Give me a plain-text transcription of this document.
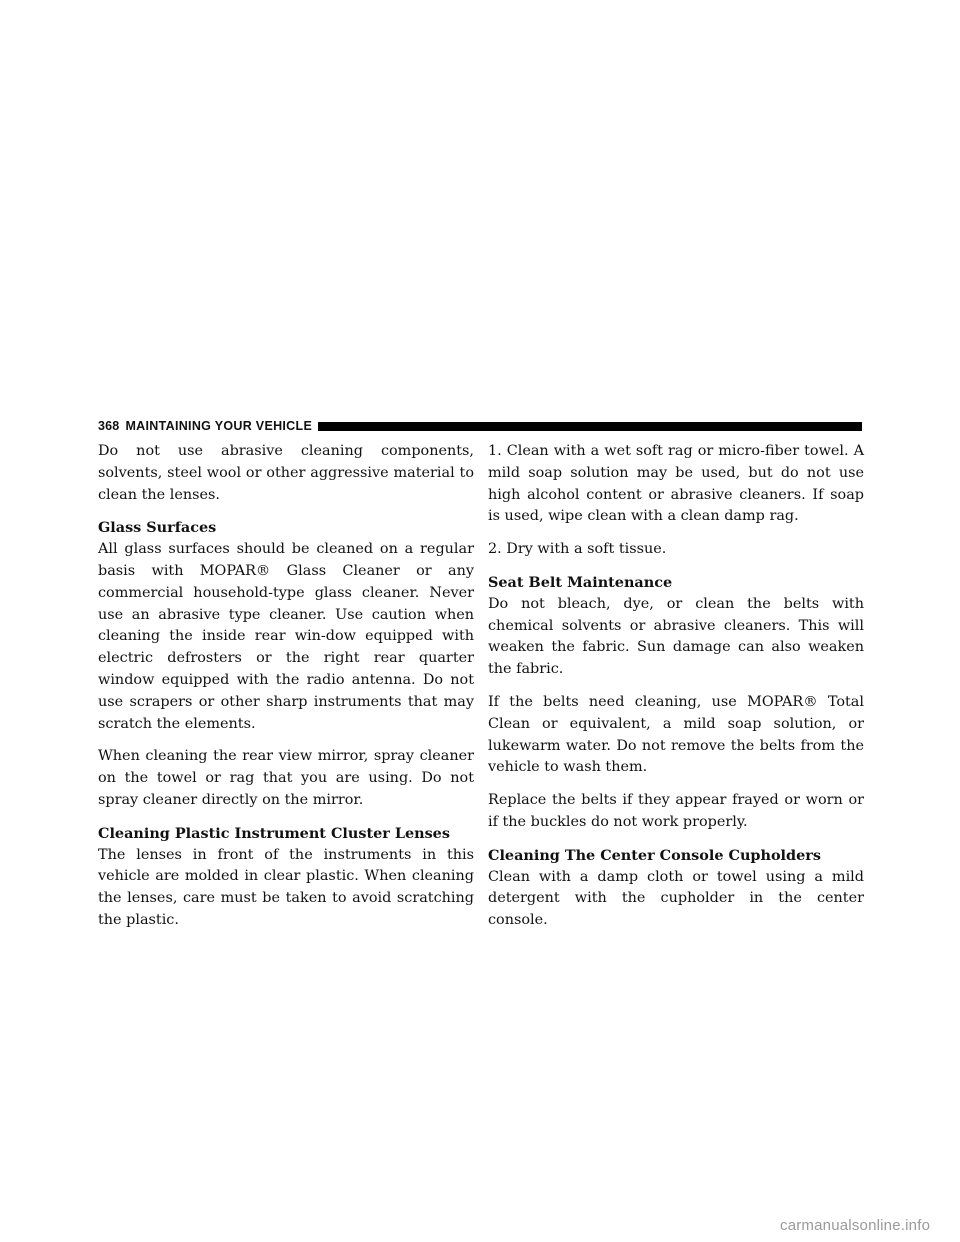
368 MAINTAINING YOUR VEHICLE

Do not use abrasive cleaning components, solvents, steel wool or other aggressive material to clean the lenses.

Glass Surfaces

All glass surfaces should be cleaned on a regular basis with MOPAR® Glass Cleaner or any commercial household-type glass cleaner. Never use an abrasive type cleaner. Use caution when cleaning the inside rear win-dow equipped with electric defrosters or the right rear quarter window equipped with the radio antenna. Do not use scrapers or other sharp instruments that may scratch the elements.

When cleaning the rear view mirror, spray cleaner on the towel or rag that you are using. Do not spray cleaner directly on the mirror.

Cleaning Plastic Instrument Cluster Lenses

The lenses in front of the instruments in this vehicle are molded in clear plastic. When cleaning the lenses, care must be taken to avoid scratching the plastic.

1. Clean with a wet soft rag or micro-fiber towel. A mild soap solution may be used, but do not use high alcohol content or abrasive cleaners. If soap is used, wipe clean with a clean damp rag.

2. Dry with a soft tissue.

Seat Belt Maintenance

Do not bleach, dye, or clean the belts with chemical solvents or abrasive cleaners. This will weaken the fabric. Sun damage can also weaken the fabric.

If the belts need cleaning, use MOPAR® Total Clean or equivalent, a mild soap solution, or lukewarm water. Do not remove the belts from the vehicle to wash them.

Replace the belts if they appear frayed or worn or if the buckles do not work properly.

Cleaning The Center Console Cupholders

Clean with a damp cloth or towel using a mild detergent with the cupholder in the center console.

carmanualsonline.info
